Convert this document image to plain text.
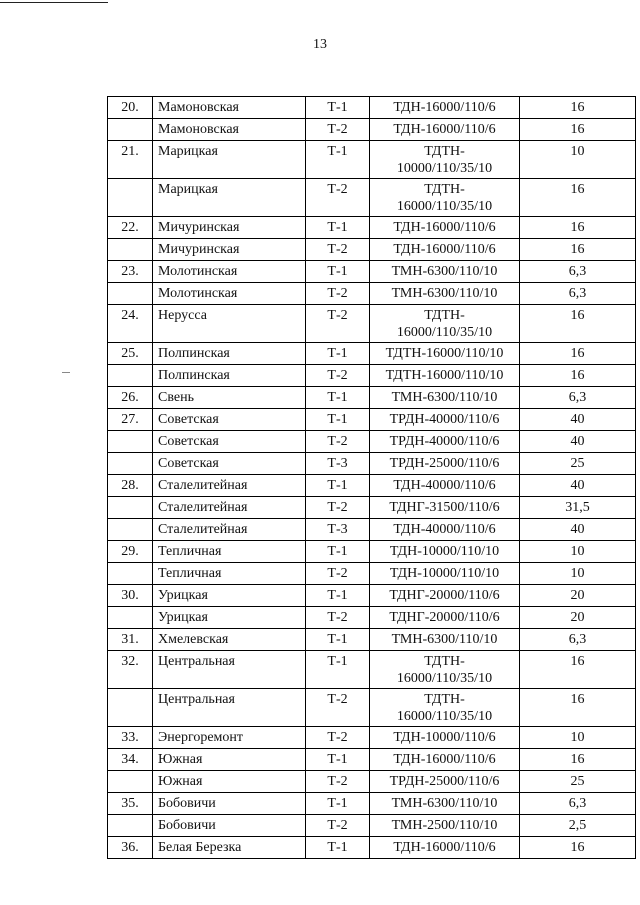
13
20.	Мамоновская	Т-1	ТДН-16000/110/6	16
	Мамоновская	Т-2	ТДН-16000/110/6	16
21.	Марицкая	Т-1	ТДТН-
10000/110/35/10	10
	Марицкая	Т-2	ТДТН-
16000/110/35/10	16
22.	Мичуринская	Т-1	ТДН-16000/110/6	16
	Мичуринская	Т-2	ТДН-16000/110/6	16
23.	Молотинская	Т-1	ТМН-6300/110/10	6,3
	Молотинская	Т-2	ТМН-6300/110/10	6,3
24.	Нерусса	Т-2	ТДТН-
16000/110/35/10	16
25.	Полпинская	Т-1	ТДТН-16000/110/10	16
	Полпинская	Т-2	ТДТН-16000/110/10	16
26.	Свень	Т-1	ТМН-6300/110/10	6,3
27.	Советская	Т-1	ТРДН-40000/110/6	40
	Советская	Т-2	ТРДН-40000/110/6	40
	Советская	Т-3	ТРДН-25000/110/6	25
28.	Сталелитейная	Т-1	ТДН-40000/110/6	40
	Сталелитейная	Т-2	ТДНГ-31500/110/6	31,5
	Сталелитейная	Т-3	ТДН-40000/110/6	40
29.	Тепличная	Т-1	ТДН-10000/110/10	10
	Тепличная	Т-2	ТДН-10000/110/10	10
30.	Урицкая	Т-1	ТДНГ-20000/110/6	20
	Урицкая	Т-2	ТДНГ-20000/110/6	20
31.	Хмелевская	Т-1	ТМН-6300/110/10	6,3
32.	Центральная	Т-1	ТДТН-
16000/110/35/10	16
	Центральная	Т-2	ТДТН-
16000/110/35/10	16
33.	Энергоремонт	Т-2	ТДН-10000/110/6	10
34.	Южная	Т-1	ТДН-16000/110/6	16
	Южная	Т-2	ТРДН-25000/110/6	25
35.	Бобовичи	Т-1	ТМН-6300/110/10	6,3
	Бобовичи	Т-2	ТМН-2500/110/10	2,5
36.	Белая Березка	Т-1	ТДН-16000/110/6	16
